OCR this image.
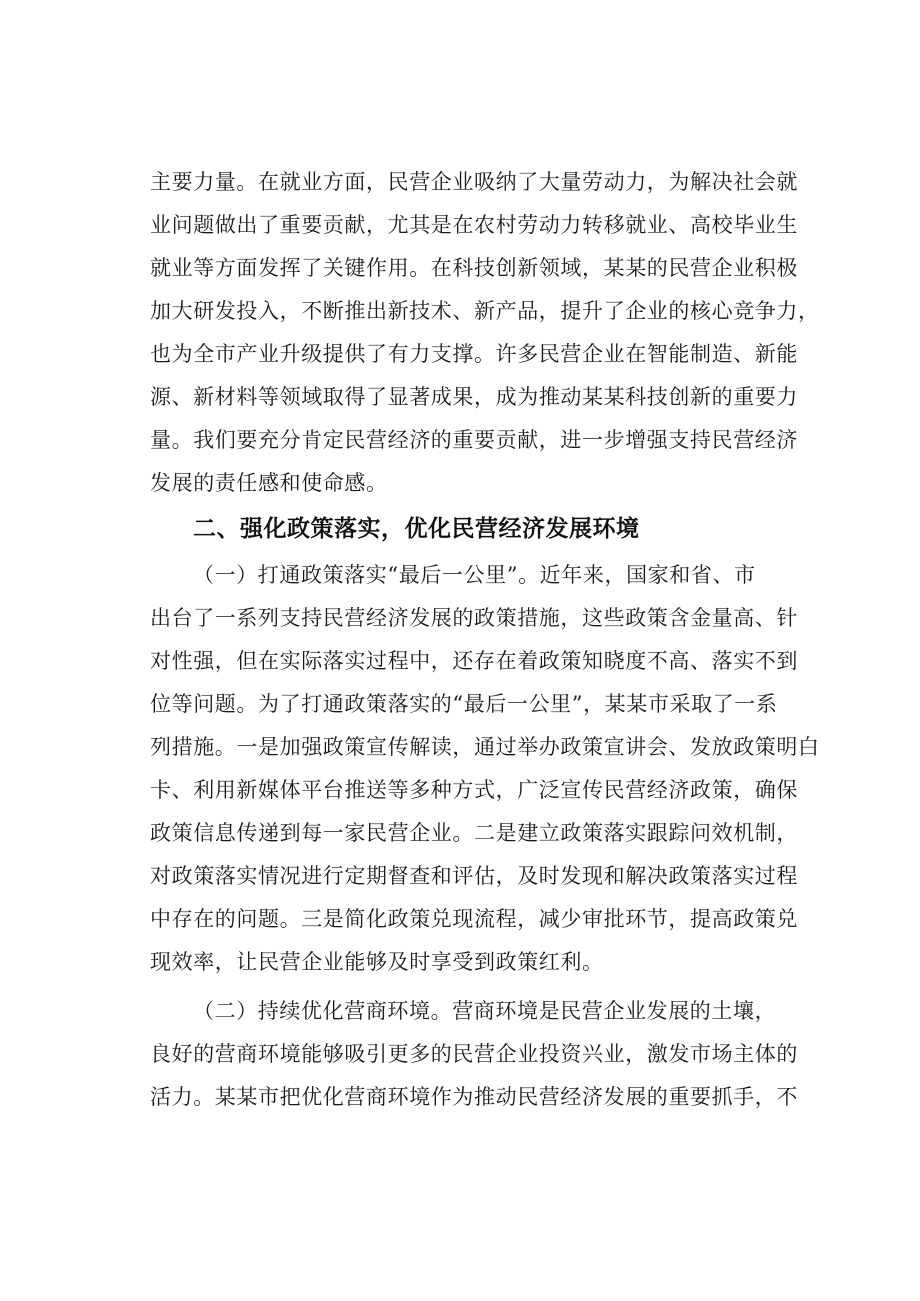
主要力量。在就业方面，民营企业吸纳了大量劳动力，为解决社会就
业问题做出了重要贡献，尤其是在农村劳动力转移就业、高校毕业生
就业等方面发挥了关键作用。在科技创新领域，某某的民营企业积极
加大研发投入，不断推出新技术、新产品，提升了企业的核心竞争力，
也为全市产业升级提供了有力支撑。许多民营企业在智能制造、新能
源、新材料等领域取得了显著成果，成为推动某某科技创新的重要力
量。我们要充分肯定民营经济的重要贡献，进一步增强支持民营经济
发展的责任感和使命感。
二、强化政策落实，优化民营经济发展环境
（一）打通政策落实“最后一公里”。近年来，国家和省、市
出台了一系列支持民营经济发展的政策措施，这些政策含金量高、针
对性强，但在实际落实过程中，还存在着政策知晓度不高、落实不到
位等问题。为了打通政策落实的“最后一公里”，某某市采取了一系
列措施。一是加强政策宣传解读，通过举办政策宣讲会、发放政策明白
卡、利用新媒体平台推送等多种方式，广泛宣传民营经济政策，确保
政策信息传递到每一家民营企业。二是建立政策落实跟踪问效机制，
对政策落实情况进行定期督查和评估，及时发现和解决政策落实过程
中存在的问题。三是简化政策兑现流程，减少审批环节，提高政策兑
现效率，让民营企业能够及时享受到政策红利。
（二）持续优化营商环境。营商环境是民营企业发展的土壤，
良好的营商环境能够吸引更多的民营企业投资兴业，激发市场主体的
活力。某某市把优化营商环境作为推动民营经济发展的重要抓手，不
